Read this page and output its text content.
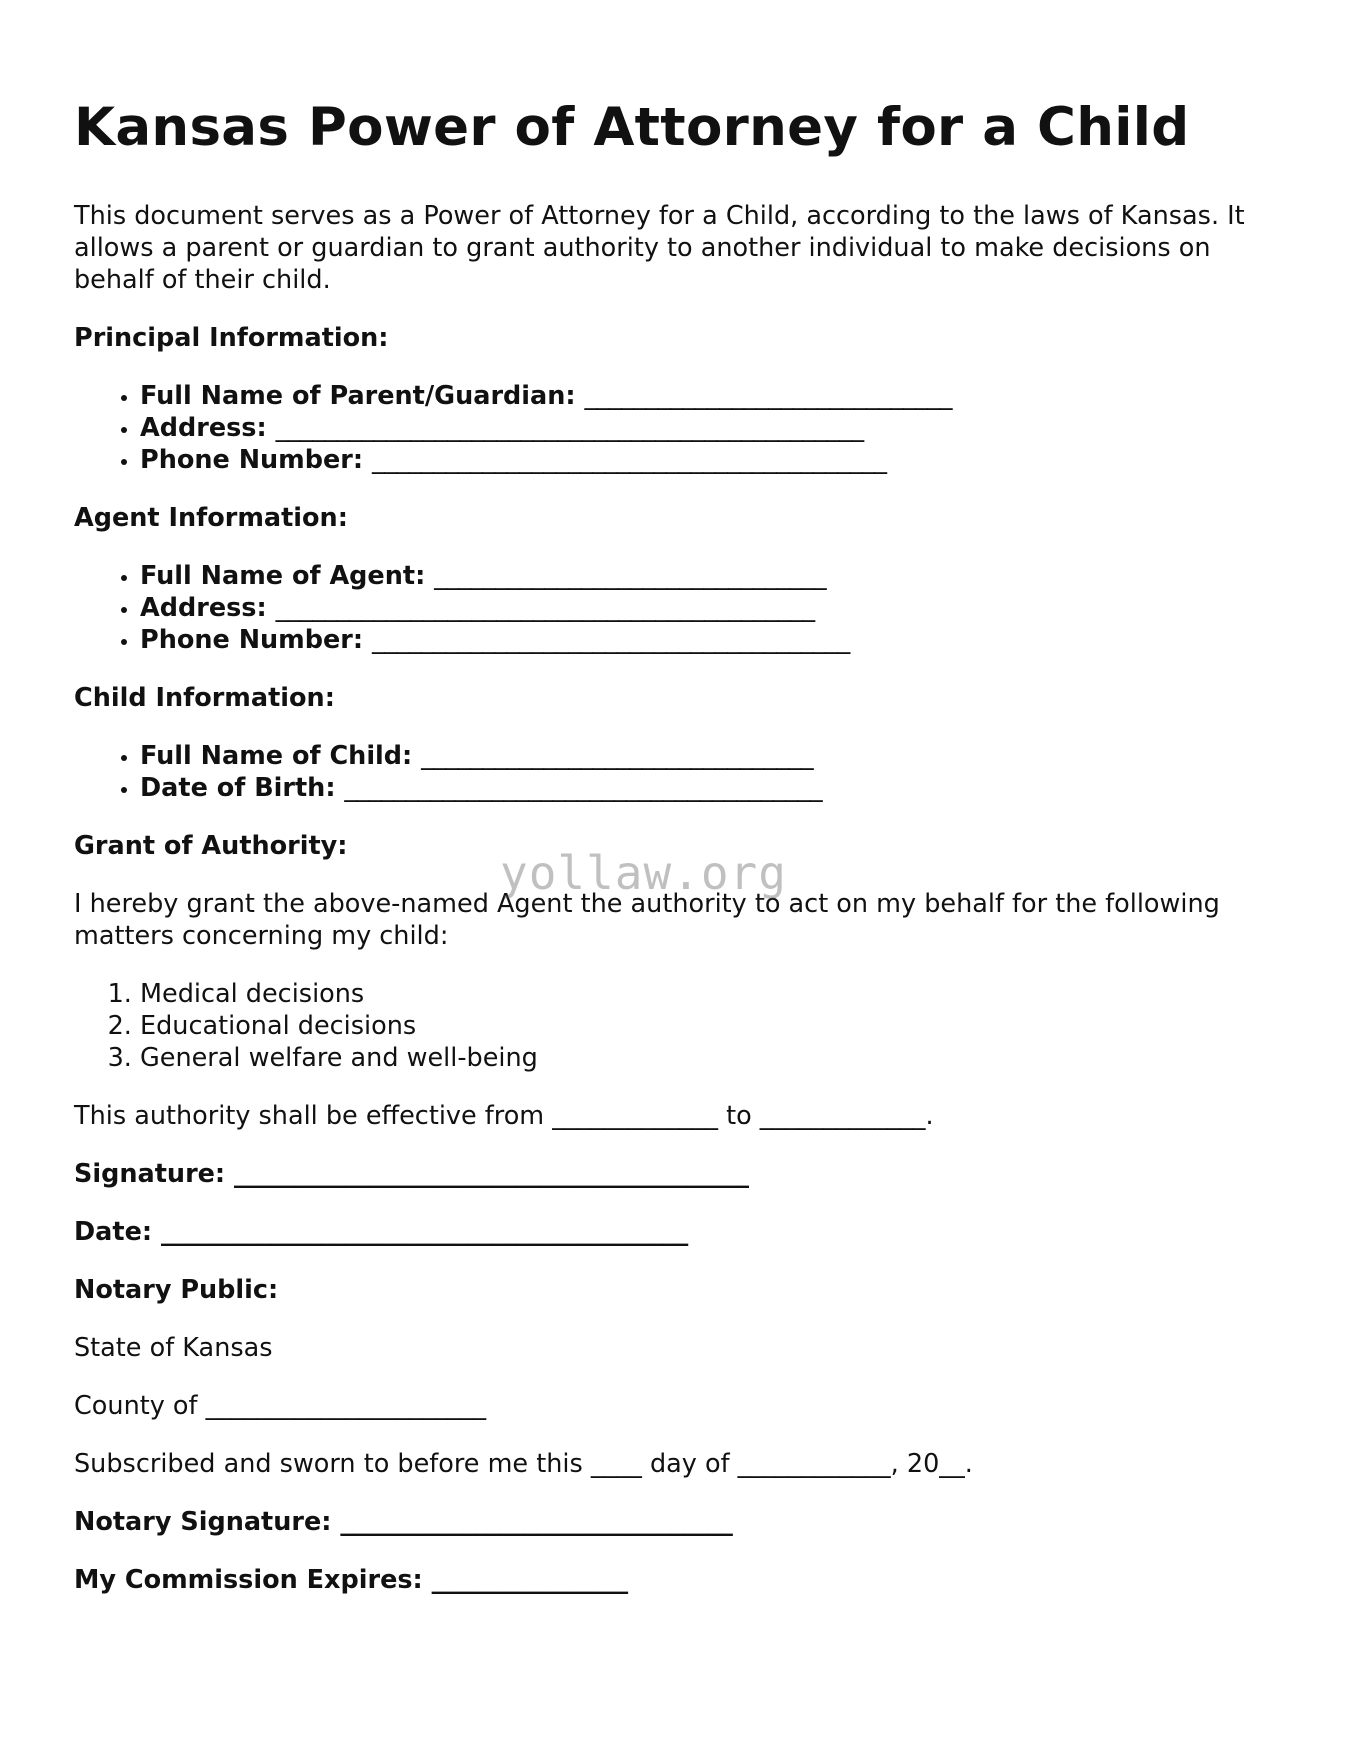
Kansas Power of Attorney for a Child

This document serves as a Power of Attorney for a Child, according to the laws of Kansas. It allows a parent or guardian to grant authority to another individual to make decisions on behalf of their child.

Principal Information:

• Full Name of Parent/Guardian: ______________________________
• Address: ________________________________________________
• Phone Number: __________________________________________

Agent Information:

• Full Name of Agent: ________________________________
• Address: ____________________________________________
• Phone Number: _______________________________________

Child Information:

• Full Name of Child: ________________________________
• Date of Birth: _______________________________________

Grant of Authority:

I hereby grant the above-named Agent the authority to act on my behalf for the following matters concerning my child:

1. Medical decisions
2. Educational decisions
3. General welfare and well-being

This authority shall be effective from _____________ to _____________.

Signature: __________________________________________

Date: ___________________________________________

Notary Public:

State of Kansas

County of ______________________

Subscribed and sworn to before me this ____ day of ____________, 20__.

Notary Signature: ________________________________

My Commission Expires: ________________

yollaw.org
